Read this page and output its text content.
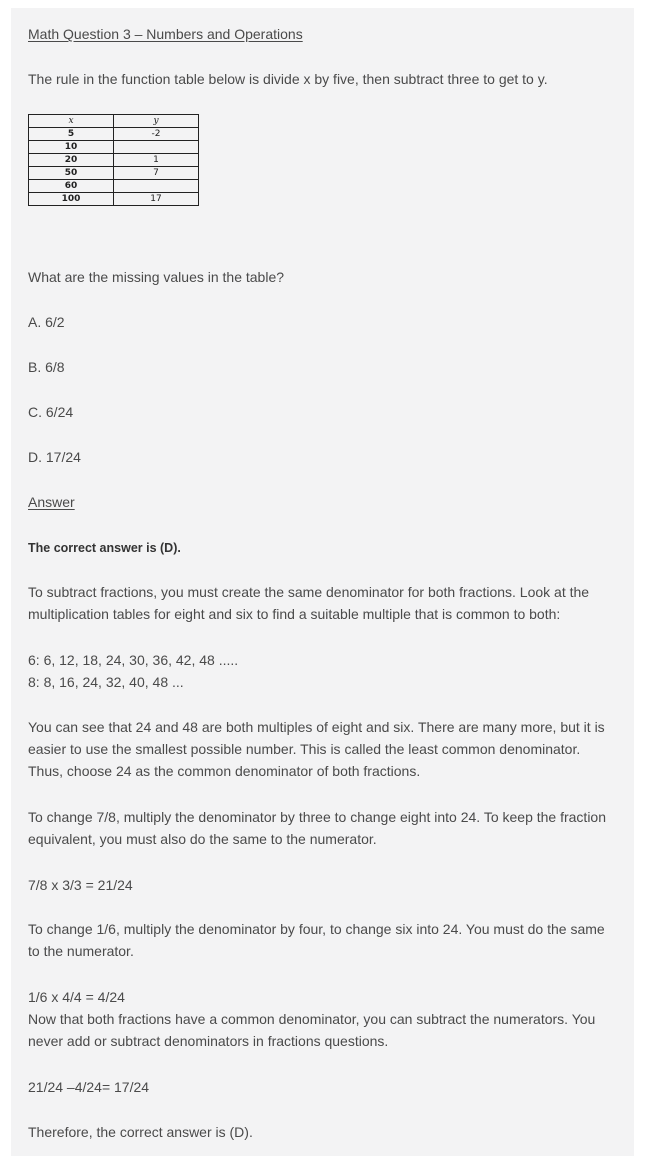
Math Question 3 – Numbers and Operations
The rule in the function table below is divide x by five, then subtract three to get to y.
x	y
5	-2
10	
20	1
50	7
60	
100	17
What are the missing values in the table?
A. 6/2
B. 6/8
C. 6/24
D. 17/24
Answer
The correct answer is (D).
To subtract fractions, you must create the same denominator for both fractions. Look at the multiplication tables for eight and six to find a suitable multiple that is common to both:
6: 6, 12, 18, 24, 30, 36, 42, 48 .....
8: 8, 16, 24, 32, 40, 48 ...
You can see that 24 and 48 are both multiples of eight and six. There are many more, but it is easier to use the smallest possible number. This is called the least common denominator. Thus, choose 24 as the common denominator of both fractions.
To change 7/8, multiply the denominator by three to change eight into 24. To keep the fraction equivalent, you must also do the same to the numerator.
7/8 x 3/3 = 21/24
To change 1/6, multiply the denominator by four, to change six into 24. You must do the same to the numerator.
1/6 x 4/4 = 4/24
Now that both fractions have a common denominator, you can subtract the numerators. You never add or subtract denominators in fractions questions.
21/24 –4/24= 17/24
Therefore, the correct answer is (D).
